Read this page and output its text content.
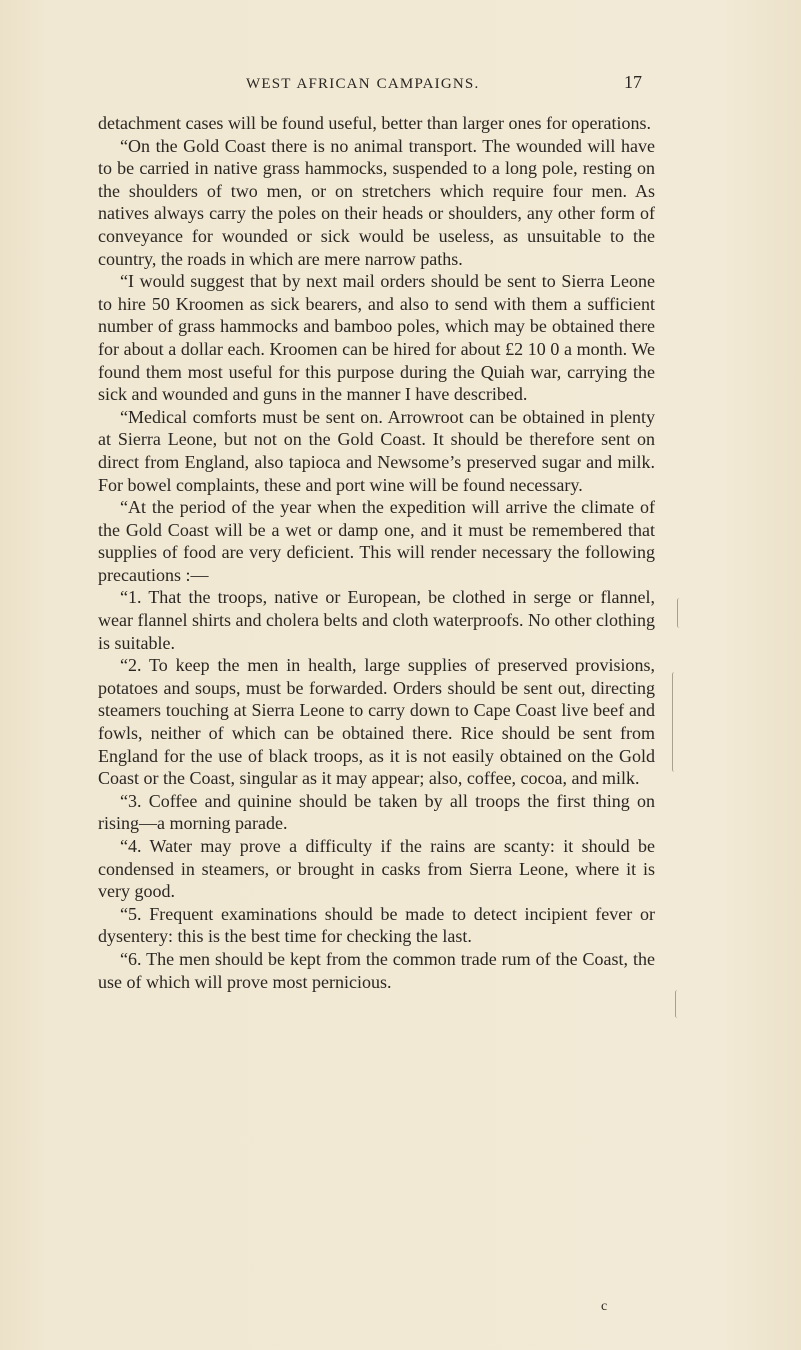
WEST AFRICAN CAMPAIGNS.	17

detachment cases will be found useful, better than larger ones for operations.

“On the Gold Coast there is no animal transport. The wounded will have to be carried in native grass hammocks, suspended to a long pole, resting on the shoulders of two men, or on stretchers which require four men. As natives always carry the poles on their heads or shoulders, any other form of conveyance for wounded or sick would be useless, as unsuitable to the country, the roads in which are mere narrow paths.

“I would suggest that by next mail orders should be sent to Sierra Leone to hire 50 Kroomen as sick bearers, and also to send with them a sufficient number of grass hammocks and bamboo poles, which may be obtained there for about a dollar each. Kroomen can be hired for about £2 10 0 a month. We found them most useful for this purpose during the Quiah war, carrying the sick and wounded and guns in the manner I have described.

“Medical comforts must be sent on. Arrowroot can be obtained in plenty at Sierra Leone, but not on the Gold Coast. It should be therefore sent on direct from England, also tapioca and Newsome’s preserved sugar and milk. For bowel complaints, these and port wine will be found necessary.

“At the period of the year when the expedition will arrive the climate of the Gold Coast will be a wet or damp one, and it must be remembered that supplies of food are very deficient. This will render necessary the following precautions :—

“1. That the troops, native or European, be clothed in serge or flannel, wear flannel shirts and cholera belts and cloth waterproofs. No other clothing is suitable.

“2. To keep the men in health, large supplies of preserved provisions, potatoes and soups, must be forwarded. Orders should be sent out, directing steamers touching at Sierra Leone to carry down to Cape Coast live beef and fowls, neither of which can be obtained there. Rice should be sent from England for the use of black troops, as it is not easily obtained on the Gold Coast or the Coast, singular as it may appear; also, coffee, cocoa, and milk.

“3. Coffee and quinine should be taken by all troops the first thing on rising—a morning parade.

“4. Water may prove a difficulty if the rains are scanty: it should be condensed in steamers, or brought in casks from Sierra Leone, where it is very good.

“5. Frequent examinations should be made to detect incipient fever or dysentery: this is the best time for checking the last.

“6. The men should be kept from the common trade rum of the Coast, the use of which will prove most pernicious.

c
